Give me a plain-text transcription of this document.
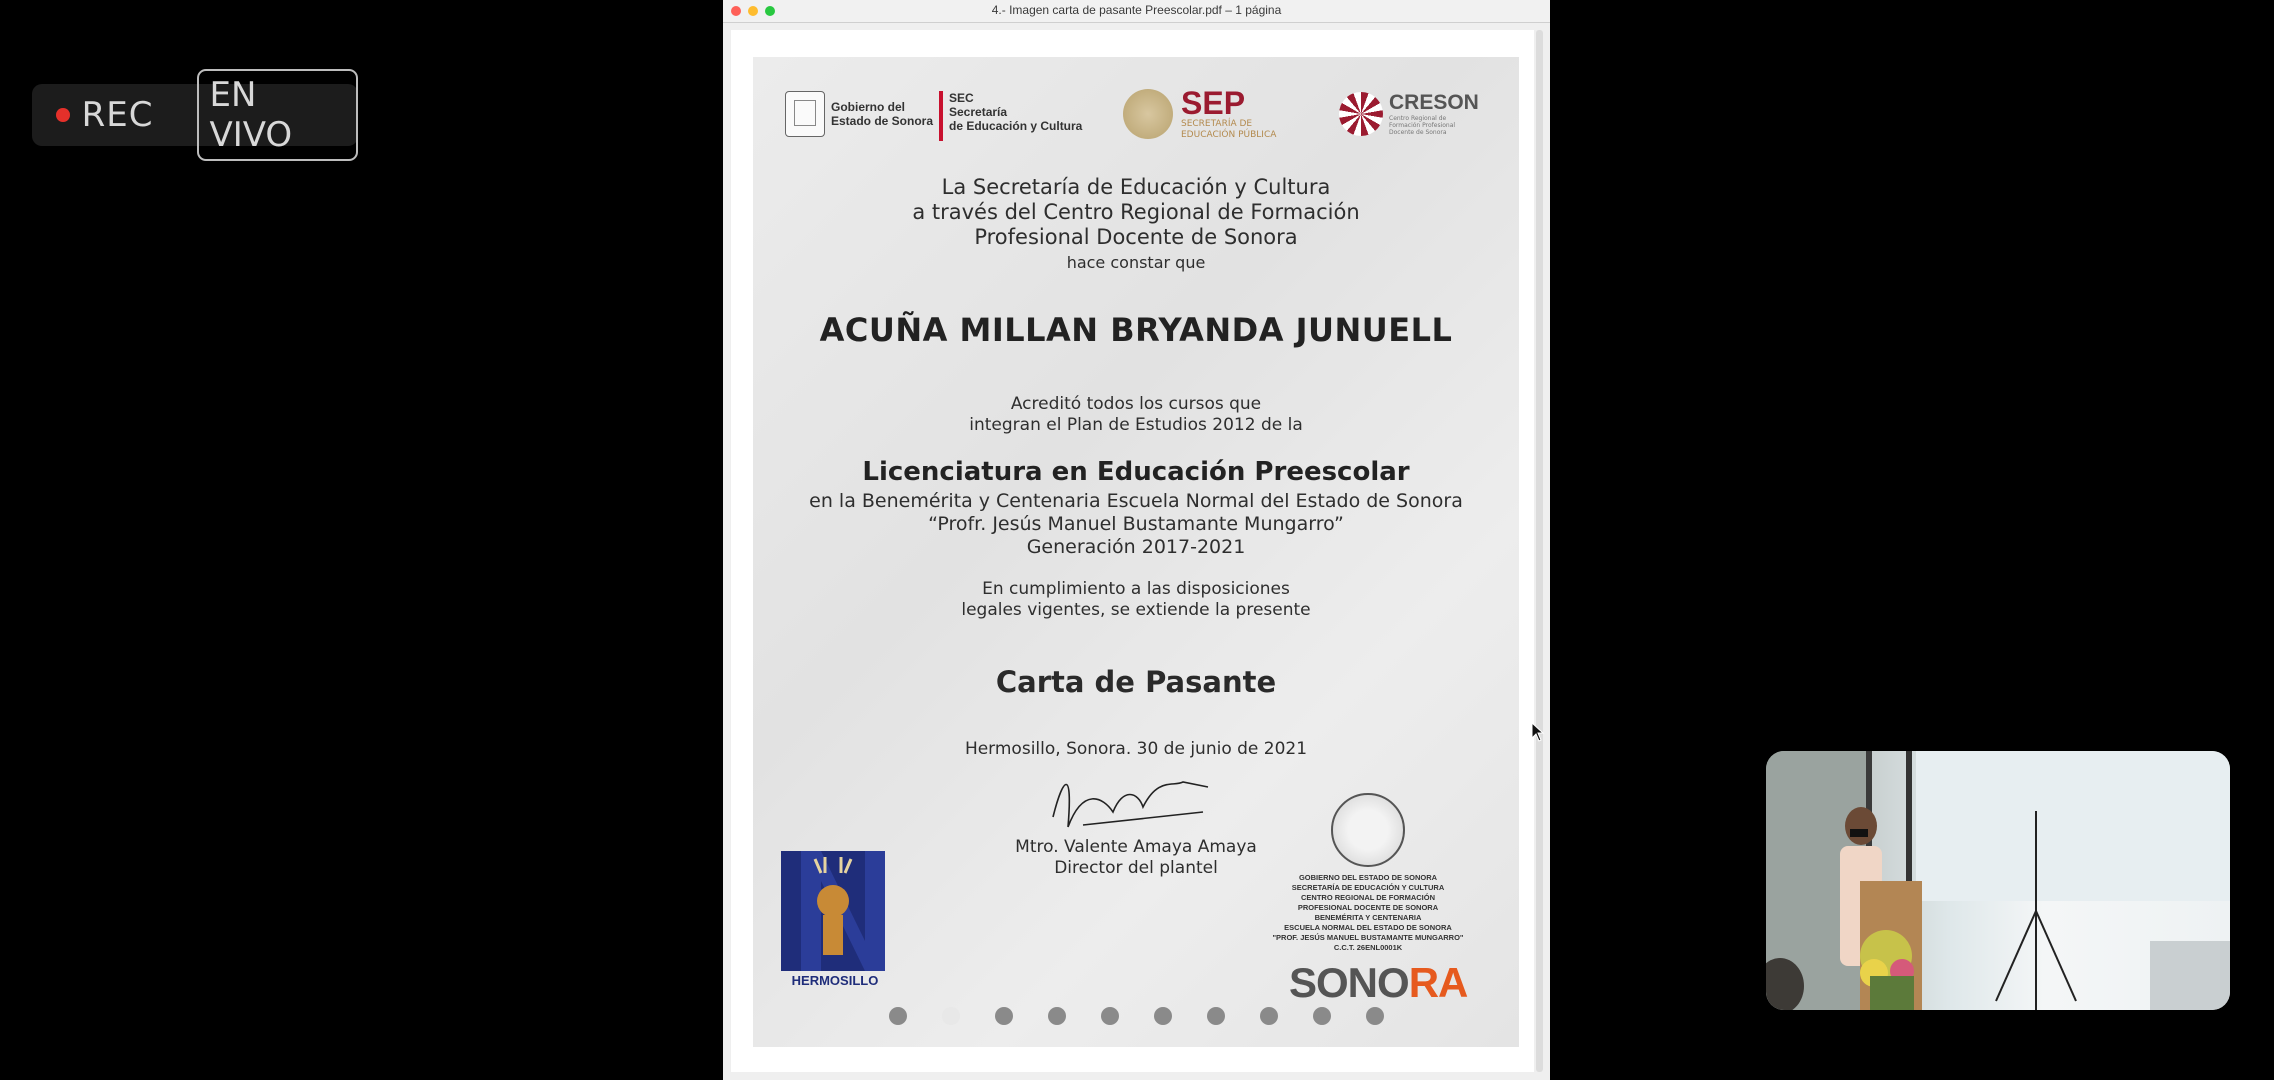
REC	EN VIVO
4.- Imagen carta de pasante Preescolar.pdf – 1 página
Gobierno del
Estado de Sonora
SEC
Secretaría
de Educación y Cultura
SEP
SECRETARÍA DE
EDUCACIÓN PÚBLICA
CRESON
Centro Regional de Formación Profesional Docente de Sonora
La Secretaría de Educación y Cultura
a través del Centro Regional de Formación
Profesional Docente de Sonora
hace constar que
ACUÑA MILLAN BRYANDA JUNUELL
Acreditó todos los cursos que
integran el Plan de Estudios 2012 de la
Licenciatura en Educación Preescolar
en la Benemérita y Centenaria Escuela Normal del Estado de Sonora
“Profr. Jesús Manuel Bustamante Mungarro”
Generación 2017-2021
En cumplimiento a las disposiciones
legales vigentes, se extiende la presente
Carta de Pasante
Hermosillo, Sonora. 30 de junio de 2021
Mtro. Valente Amaya Amaya
Director del plantel
HERMOSILLO
GOBIERNO DEL ESTADO DE SONORA
SECRETARÍA DE EDUCACIÓN Y CULTURA
CENTRO REGIONAL DE FORMACIÓN
PROFESIONAL DOCENTE DE SONORA
BENEMÉRITA Y CENTENARIA
ESCUELA NORMAL DEL ESTADO DE SONORA
"PROF. JESÚS MANUEL BUSTAMANTE MUNGARRO"
C.C.T. 26ENL0001K
SONORA
